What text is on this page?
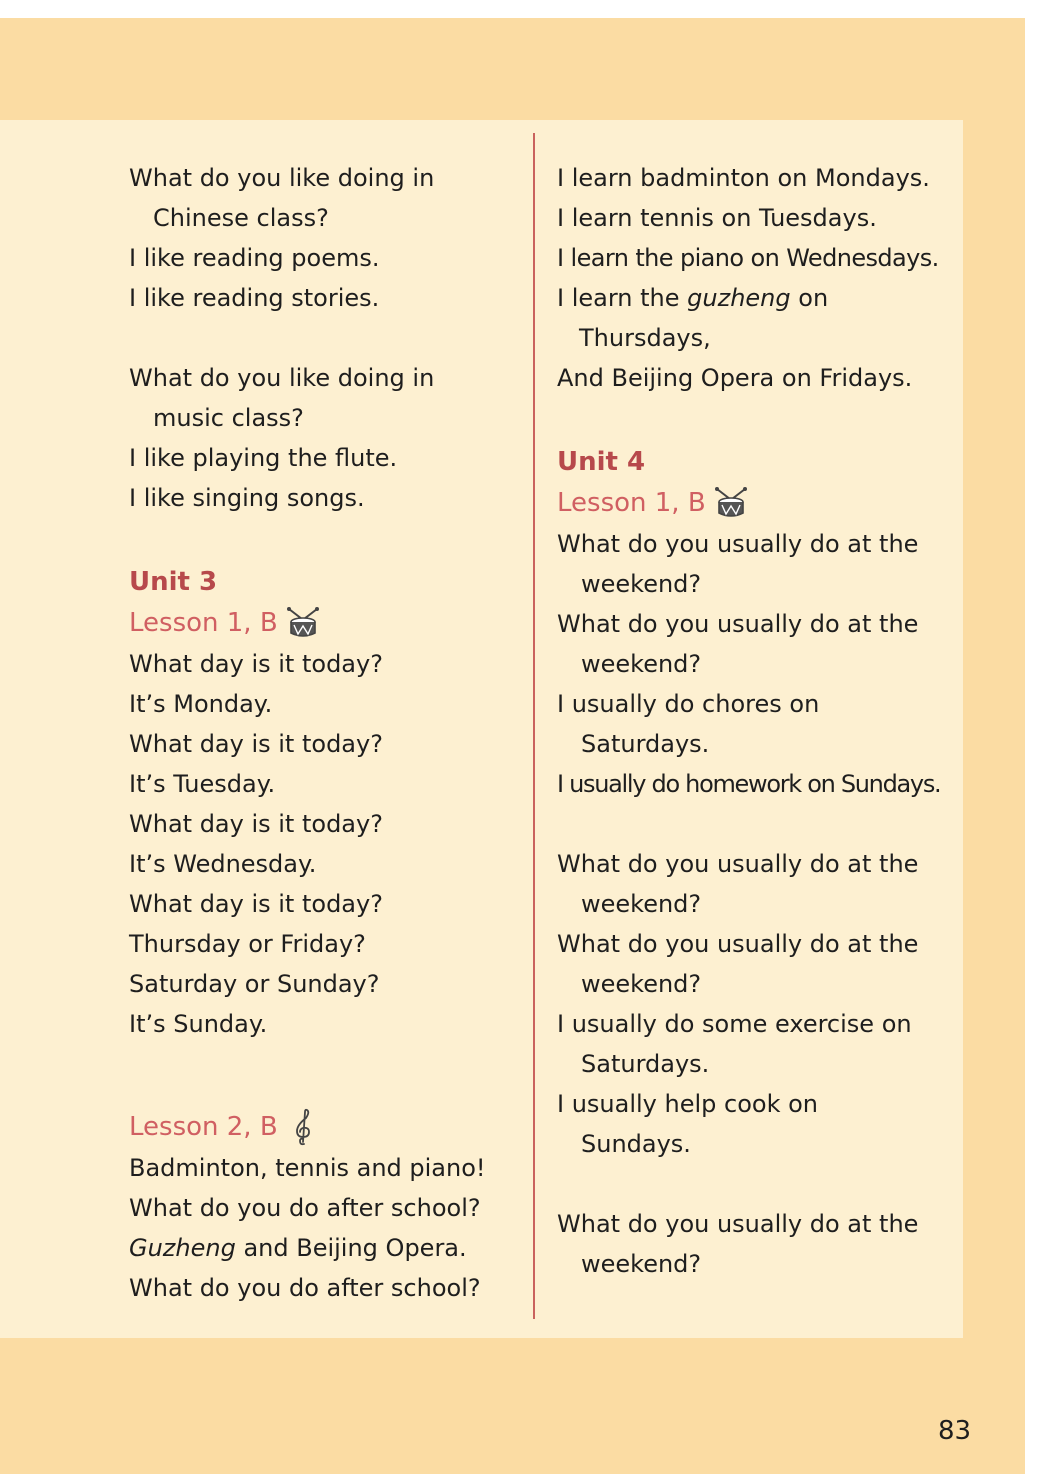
What do you like doing in
Chinese class?
I like reading poems.
I like reading stories.
What do you like doing in
music class?
I like playing the flute.
I like singing songs.
Unit 3
Lesson 1, B
What day is it today?
It’s Monday.
What day is it today?
It’s Tuesday.
What day is it today?
It’s Wednesday.
What day is it today?
Thursday or Friday?
Saturday or Sunday?
It’s Sunday.
Lesson 2, B
Badminton, tennis and piano!
What do you do after school?
Guzheng and Beijing Opera.
What do you do after school?
I learn badminton on Mondays.
I learn tennis on Tuesdays.
I learn the piano on Wednesdays.
I learn the guzheng on
Thursdays,
And Beijing Opera on Fridays.
Unit 4
Lesson 1, B
What do you usually do at the
weekend?
What do you usually do at the
weekend?
I usually do chores on
Saturdays.
I usually do homework on Sundays.
What do you usually do at the
weekend?
What do you usually do at the
weekend?
I usually do some exercise on
Saturdays.
I usually help cook on
Sundays.
What do you usually do at the
weekend?
83
